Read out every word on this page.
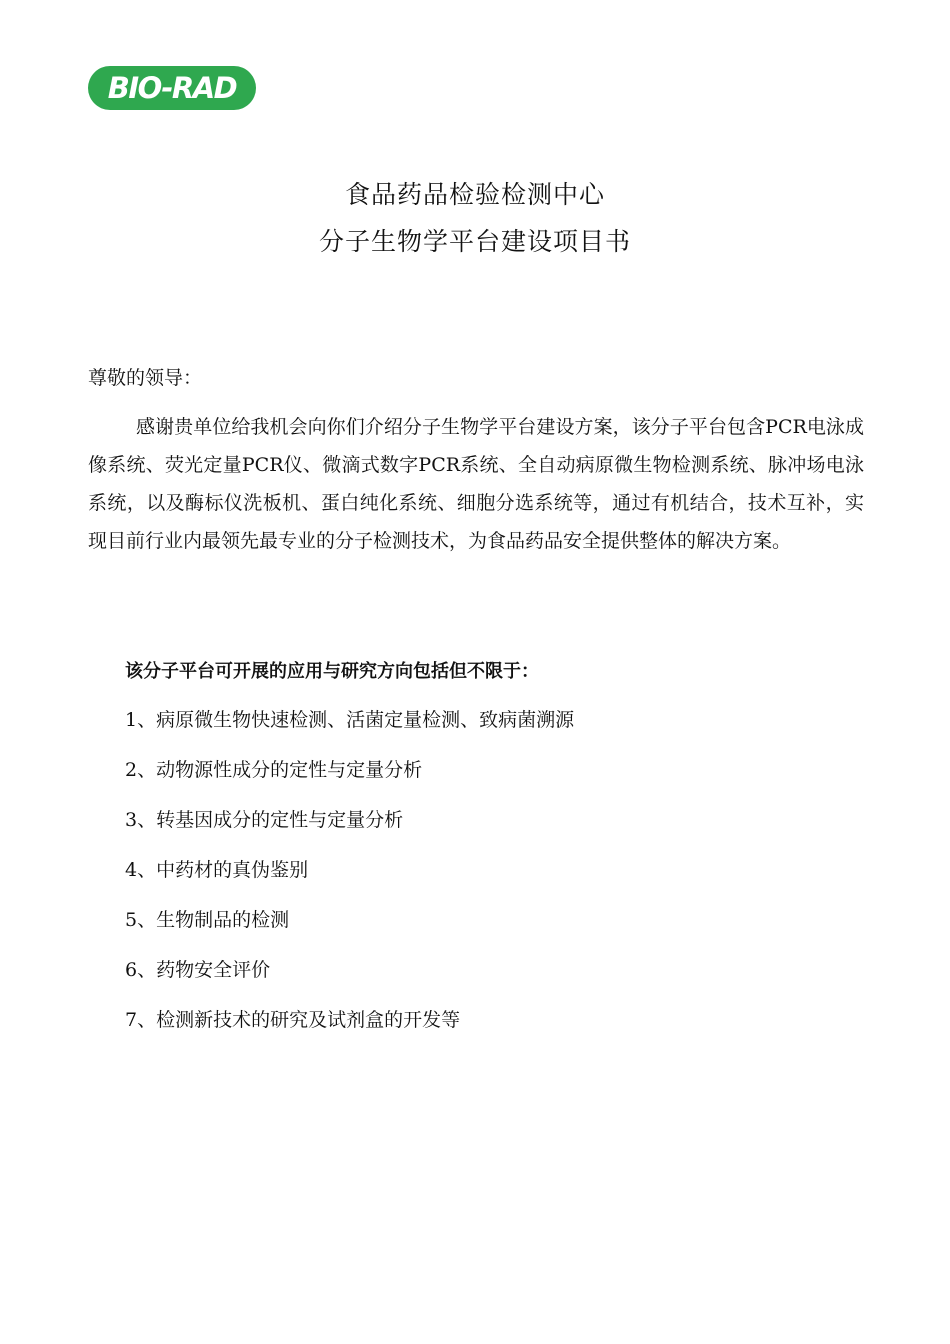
BIO-RAD
食品药品检验检测中心
分子生物学平台建设项目书
尊敬的领导：

感谢贵单位给我机会向你们介绍分子生物学平台建设方案，该分子平台包含PCR电泳成像系统、荧光定量PCR仪、微滴式数字PCR系统、全自动病原微生物检测系统、脉冲场电泳系统，以及酶标仪洗板机、蛋白纯化系统、细胞分选系统等，通过有机结合，技术互补，实现目前行业内最领先最专业的分子检测技术，为食品药品安全提供整体的解决方案。

该分子平台可开展的应用与研究方向包括但不限于：
1、病原微生物快速检测、活菌定量检测、致病菌溯源
2、动物源性成分的定性与定量分析
3、转基因成分的定性与定量分析
4、中药材的真伪鉴别
5、生物制品的检测
6、药物安全评价
7、检测新技术的研究及试剂盒的开发等
